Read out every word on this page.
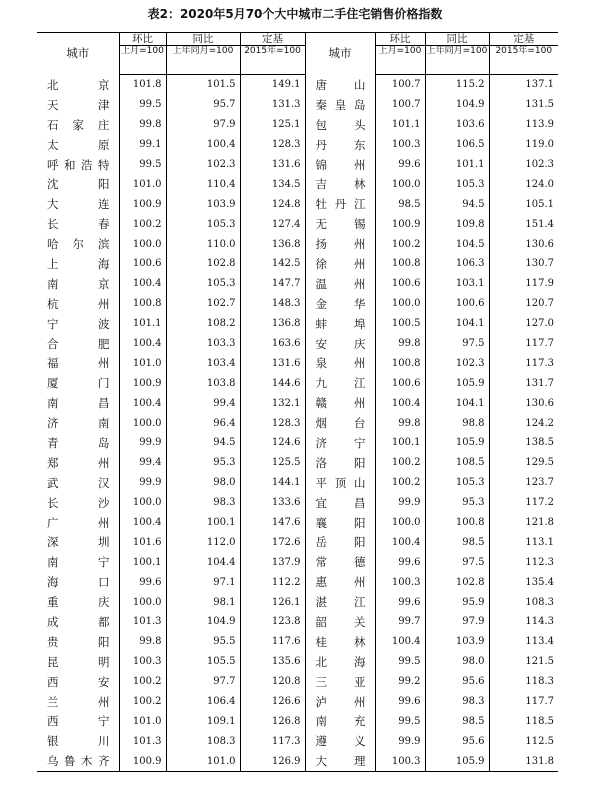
表2：2020年5月70个大中城市二手住宅销售价格指数
城市	环比	同比	定基	城市	环比	同比	定基
	上月=100	上年同月=100	2015年=100		上月=100	上年同月=100	2015年=100
北京	101.8	101.5	149.1	唐山	100.7	115.2	137.1
天津	99.5	95.7	131.3	秦皇岛	100.7	104.9	131.5
石家庄	99.8	97.9	125.1	包头	101.1	103.6	113.9
太原	99.1	100.4	128.3	丹东	100.3	106.5	119.0
呼和浩特	99.5	102.3	131.6	锦州	99.6	101.1	102.3
沈阳	101.0	110.4	134.5	吉林	100.0	105.3	124.0
大连	100.9	103.9	124.8	牡丹江	98.5	94.5	105.1
长春	100.2	105.3	127.4	无锡	100.9	109.8	151.4
哈尔滨	100.0	110.0	136.8	扬州	100.2	104.5	130.6
上海	100.6	102.8	142.5	徐州	100.8	106.3	130.7
南京	100.4	105.3	147.7	温州	100.6	103.1	117.9
杭州	100.8	102.7	148.3	金华	100.0	100.6	120.7
宁波	101.1	108.2	136.8	蚌埠	100.5	104.1	127.0
合肥	100.4	103.3	163.6	安庆	99.8	97.5	117.7
福州	101.0	103.4	131.6	泉州	100.8	102.3	117.3
厦门	100.9	103.8	144.6	九江	100.6	105.9	131.7
南昌	100.4	99.4	132.1	赣州	100.4	104.1	130.6
济南	100.0	96.4	128.3	烟台	99.8	98.8	124.2
青岛	99.9	94.5	124.6	济宁	100.1	105.9	138.5
郑州	99.4	95.3	125.5	洛阳	100.2	108.5	129.5
武汉	99.9	98.0	144.1	平顶山	100.2	105.3	123.7
长沙	100.0	98.3	133.6	宜昌	99.9	95.3	117.2
广州	100.4	100.1	147.6	襄阳	100.0	100.8	121.8
深圳	101.6	112.0	172.6	岳阳	100.4	98.5	113.1
南宁	100.1	104.4	137.9	常德	99.6	97.5	112.3
海口	99.6	97.1	112.2	惠州	100.3	102.8	135.4
重庆	100.0	98.1	126.1	湛江	99.6	95.9	108.3
成都	101.3	104.9	123.8	韶关	99.7	97.9	114.3
贵阳	99.8	95.5	117.6	桂林	100.4	103.9	113.4
昆明	100.3	105.5	135.6	北海	99.5	98.0	121.5
西安	100.2	97.7	120.8	三亚	99.2	95.6	118.3
兰州	100.2	106.4	126.6	泸州	99.6	98.3	117.7
西宁	101.0	109.1	126.8	南充	99.5	98.5	118.5
银川	101.3	108.3	117.3	遵义	99.9	95.6	112.5
乌鲁木齐	100.9	101.0	126.9	大理	100.3	105.9	131.8
